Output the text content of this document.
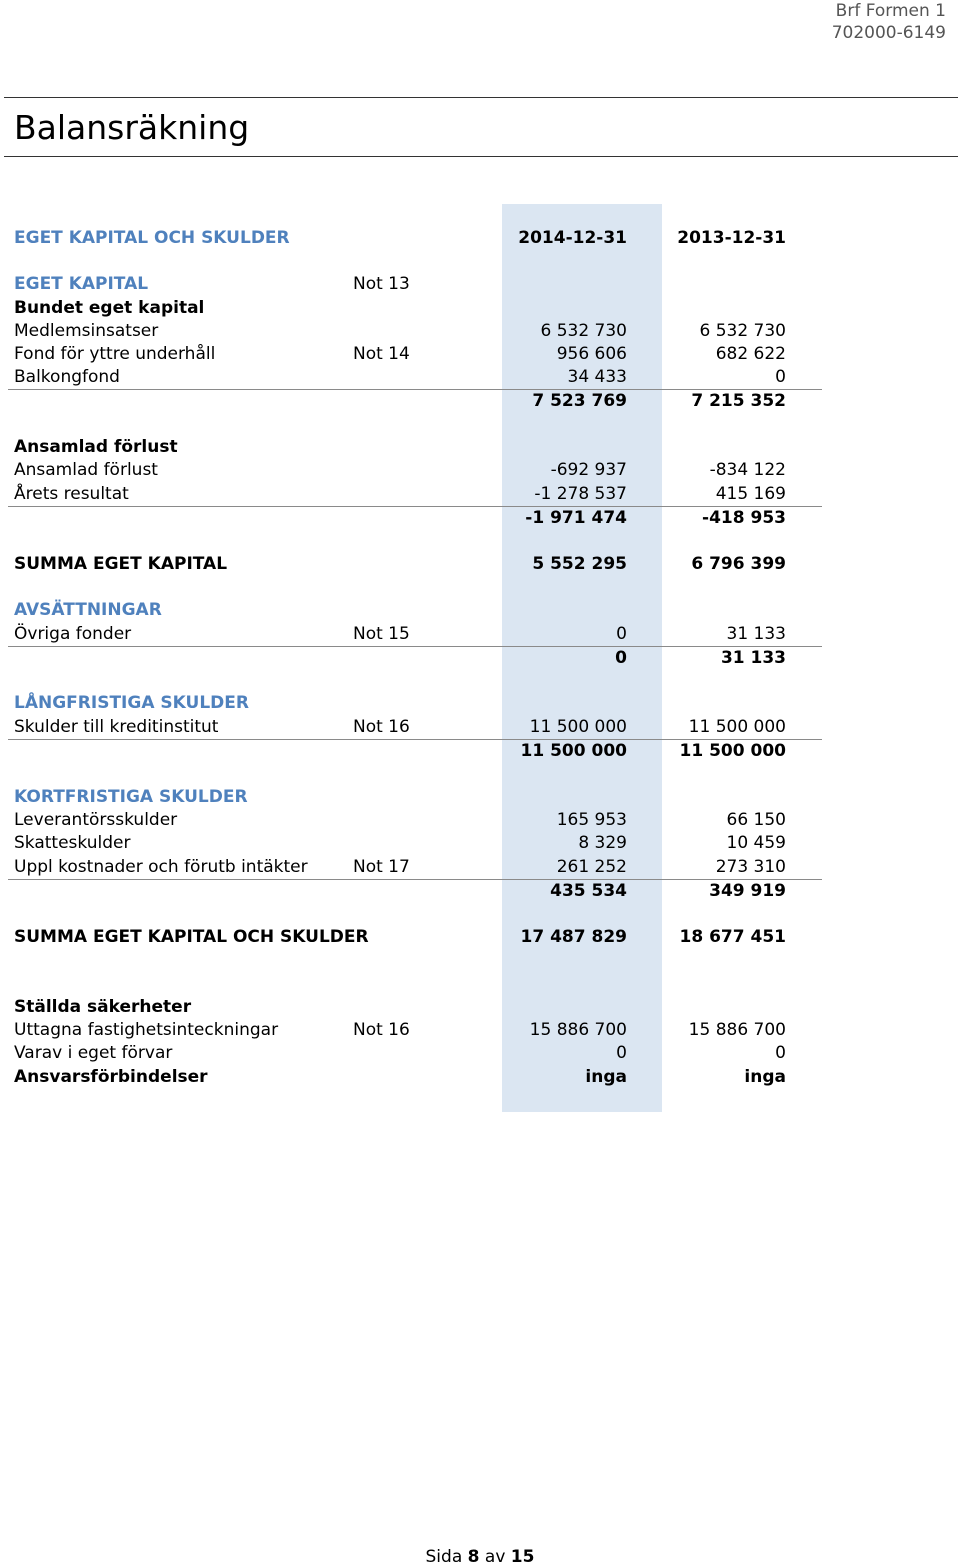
Brf Formen 1
702000-6149
Balansräkning
EGET KAPITAL OCH SKULDER	2014-12-31	2013-12-31
EGET KAPITAL	Not 13
Bundet eget kapital
Medlemsinsatser	6 532 730	6 532 730
Fond för yttre underhåll	Not 14	956 606	682 622
Balkongfond	34 433	0
7 523 769	7 215 352
Ansamlad förlust
Ansamlad förlust	-692 937	-834 122
Årets resultat	-1 278 537	415 169
-1 971 474	-418 953
SUMMA EGET KAPITAL	5 552 295	6 796 399
AVSÄTTNINGAR
Övriga fonder	Not 15	0	31 133
0	31 133
LÅNGFRISTIGA SKULDER
Skulder till kreditinstitut	Not 16	11 500 000	11 500 000
11 500 000	11 500 000
KORTFRISTIGA SKULDER
Leverantörsskulder	165 953	66 150
Skatteskulder	8 329	10 459
Uppl kostnader och förutb intäkter	Not 17	261 252	273 310
435 534	349 919
SUMMA EGET KAPITAL OCH SKULDER	17 487 829	18 677 451
Ställda säkerheter
Uttagna fastighetsinteckningar	Not 16	15 886 700	15 886 700
Varav i eget förvar	0	0
Ansvarsförbindelser	inga	inga
Sida 8 av 15
